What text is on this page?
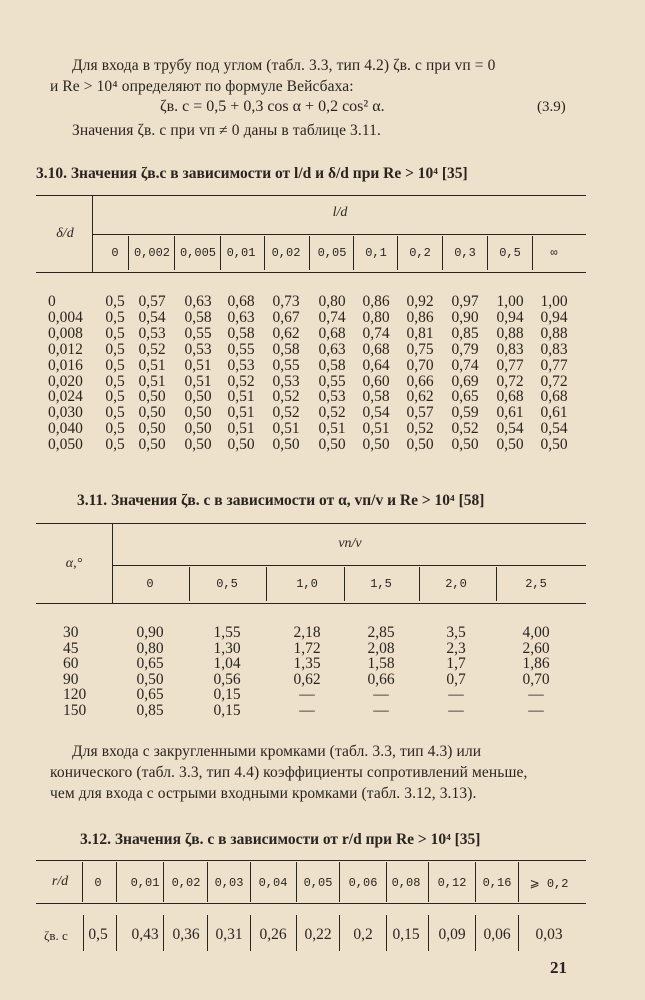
Для входа в трубу под углом (табл. 3.3, тип 4.2) ζв. с при vп = 0
и Re > 10⁴ определяют по формуле Вейсбаха:
ζв. с = 0,5 + 0,3 cos α + 0,2 cos² α.	(3.9)
Значения ζв. с при vп ≠ 0 даны в таблице 3.11.
3.10. Значения ζв.с в зависимости от l/d и δ/d при Re > 10⁴ [35]
δ/d
l/d
0	0,002 0,005 0,01	0,02	0,05	0,1	0,2	0,3	0,5	∞
0	0,5 0,57	0,63	0,68	0,73	0,80	0,86	0,92	0,97	1,00	1,00
0,004	0,5 0,54	0,58	0,63	0,67	0,74	0,80	0,86	0,90	0,94	0,94
0,008	0,5 0,53	0,55	0,58	0,62	0,68	0,74	0,81	0,85	0,88	0,88
0,012	0,5 0,52	0,53	0,55	0,58	0,63	0,68	0,75	0,79	0,83	0,83
0,016	0,5 0,51	0,51	0,53	0,55	0,58	0,64	0,70	0,74	0,77	0,77
0,020	0,5 0,51	0,51	0,52	0,53	0,55	0,60	0,66	0,69	0,72	0,72
0,024	0,5 0,50	0,50	0,51	0,52	0,53	0,58	0,62	0,65	0,68	0,68
0,030	0,5 0,50	0,50	0,51	0,52	0,52	0,54	0,57	0,59	0,61	0,61
0,040	0,5 0,50	0,50	0,51	0,51	0,51	0,51	0,52	0,52	0,54	0,54
0,050	0,5 0,50	0,50	0,50	0,50	0,50	0,50	0,50	0,50	0,50	0,50
3.11. Значения ζв. с в зависимости от α, vп/v и Re > 10⁴ [58]
α,°
vп/v
0	0,5	1,0	1,5	2,0	2,5
30	0,90	1,55	2,18	2,85	3,5	4,00
45	0,80	1,30	1,72	2,08	2,3	2,60
60	0,65	1,04	1,35	1,58	1,7	1,86
90	0,50	0,56	0,62	0,66	0,7	0,70
120	0,65	0,15	—	—	—	—
150	0,85	0,15	—	—	—	—
Для входа с закругленными кромками (табл. 3.3, тип 4.3) или
конического (табл. 3.3, тип 4.4) коэффициенты сопротивлений меньше,
чем для входа с острыми входными кромками (табл. 3.12, 3.13).
3.12. Значения ζв. с в зависимости от r/d при Re > 10⁴ [35]
r/d
ζв. с
0	0,01	0,02	0,03	0,04	0,05	0,06	0,08	0,12	0,16	⩾ 0,2
0,5	0,43 0,36	0,31	0,26	0,22	0,2	0,15	0,09	0,06	0,03
21
